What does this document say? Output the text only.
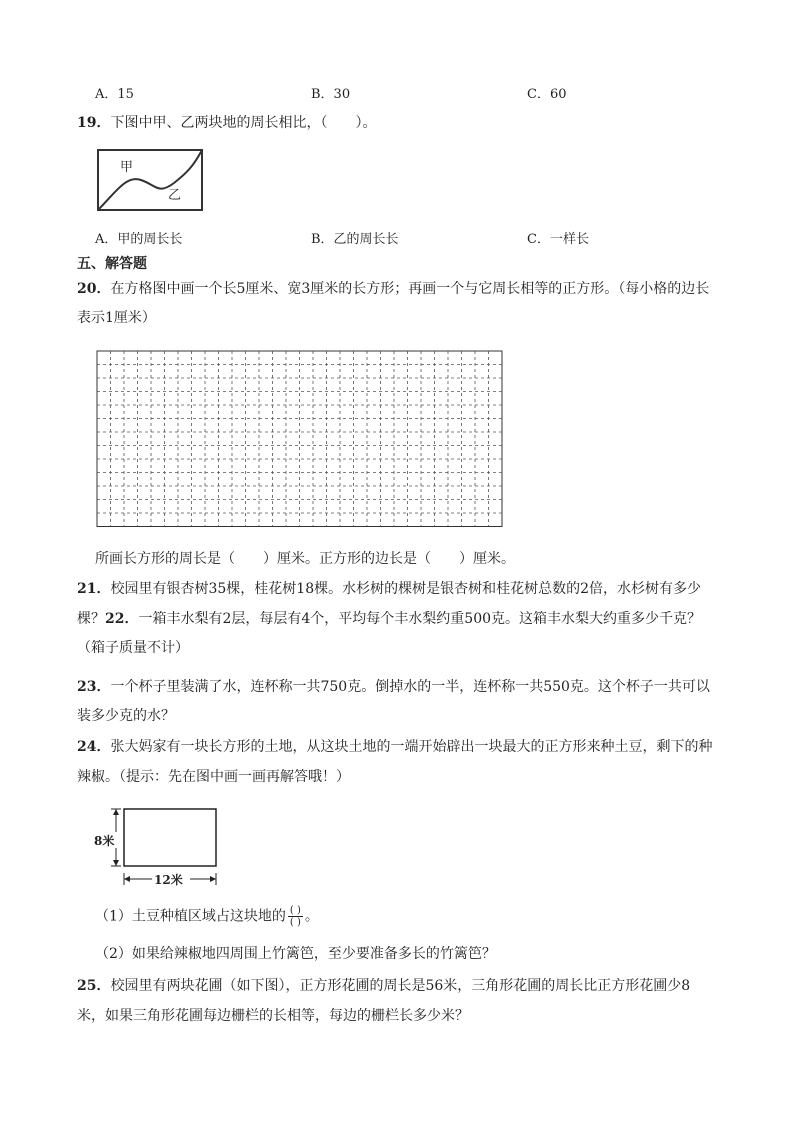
A．15	B．30	C．60
19．下图中甲、乙两块地的周长相比，（　　）。
甲
乙
A．甲的周长长	B．乙的周长长	C．一样长
五、解答题
20．在方格图中画一个长5厘米、宽3厘米的长方形；再画一个与它周长相等的正方形。（每小格的边长
表示1厘米）
所画长方形的周长是（　　）厘米。正方形的边长是（　　）厘米。
21．校园里有银杏树35棵，桂花树18棵。水杉树的棵树是银杏树和桂花树总数的2倍，水杉树有多少
棵？22．一箱丰水梨有2层，每层有4个，平均每个丰水梨约重500克。这箱丰水梨大约重多少千克？
（箱子质量不计）
23．一个杯子里装满了水，连杯称一共750克。倒掉水的一半，连杯称一共550克。这个杯子一共可以
装多少克的水？
24．张大妈家有一块长方形的土地，从这块土地的一端开始辟出一块最大的正方形来种土豆，剩下的种
辣椒。（提示：先在图中画一画再解答哦！）
8米
12米
（1）土豆种植区域占这块地的 $\frac{( )}{( )}$ 。
（2）如果给辣椒地四周围上竹篱笆，至少要准备多长的竹篱笆？
25．校园里有两块花圃（如下图），正方形花圃的周长是56米，三角形花圃的周长比正方形花圃少8
米，如果三角形花圃每边栅栏的长相等，每边的栅栏长多少米？
